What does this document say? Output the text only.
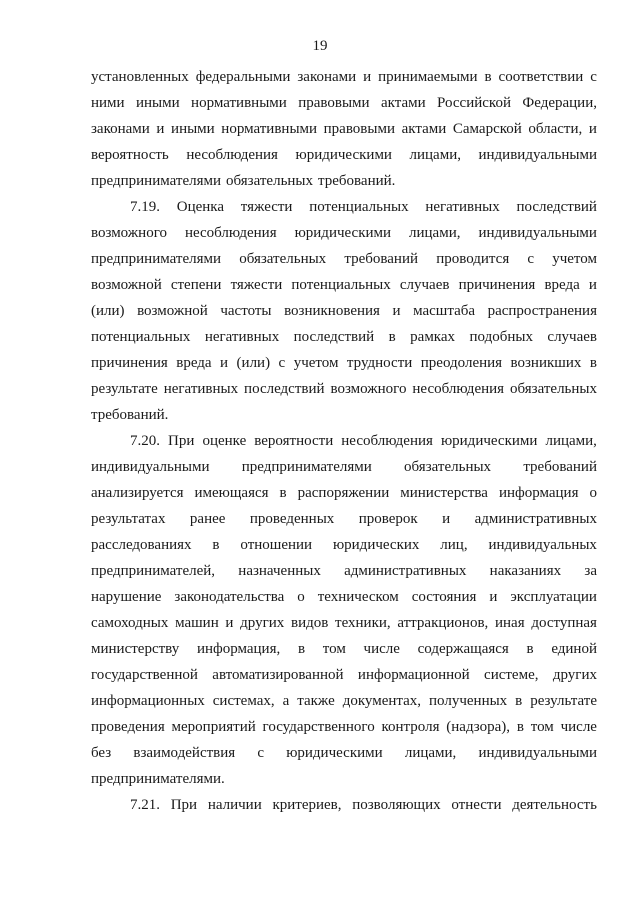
19
установленных федеральными законами и принимаемыми в соответствии с
ними иными нормативными правовыми актами Российской Федерации,
законами и иными нормативными правовыми актами Самарской области, и
вероятность несоблюдения юридическими лицами, индивидуальными
предпринимателями обязательных требований.
7.19. Оценка тяжести потенциальных негативных последствий
возможного несоблюдения юридическими лицами, индивидуальными
предпринимателями обязательных требований проводится с учетом
возможной степени тяжести потенциальных случаев причинения вреда и
(или) возможной частоты возникновения и масштаба распространения
потенциальных негативных последствий в рамках подобных случаев
причинения вреда и (или) с учетом трудности преодоления возникших в
результате негативных последствий возможного несоблюдения обязательных
требований.
7.20. При оценке вероятности несоблюдения юридическими лицами,
индивидуальными предпринимателями обязательных требований
анализируется имеющаяся в распоряжении министерства информация о
результатах ранее проведенных проверок и административных
расследованиях в отношении юридических лиц, индивидуальных
предпринимателей, назначенных административных наказаниях за
нарушение законодательства о техническом состояния и эксплуатации
самоходных машин и других видов техники, аттракционов, иная доступная
министерству информация, в том числе содержащаяся в единой
государственной автоматизированной информационной системе, других
информационных системах, а также документах, полученных в результате
проведения мероприятий государственного контроля (надзора), в том числе
без взаимодействия с юридическими лицами, индивидуальными
предпринимателями.
7.21. При наличии критериев, позволяющих отнести деятельность
